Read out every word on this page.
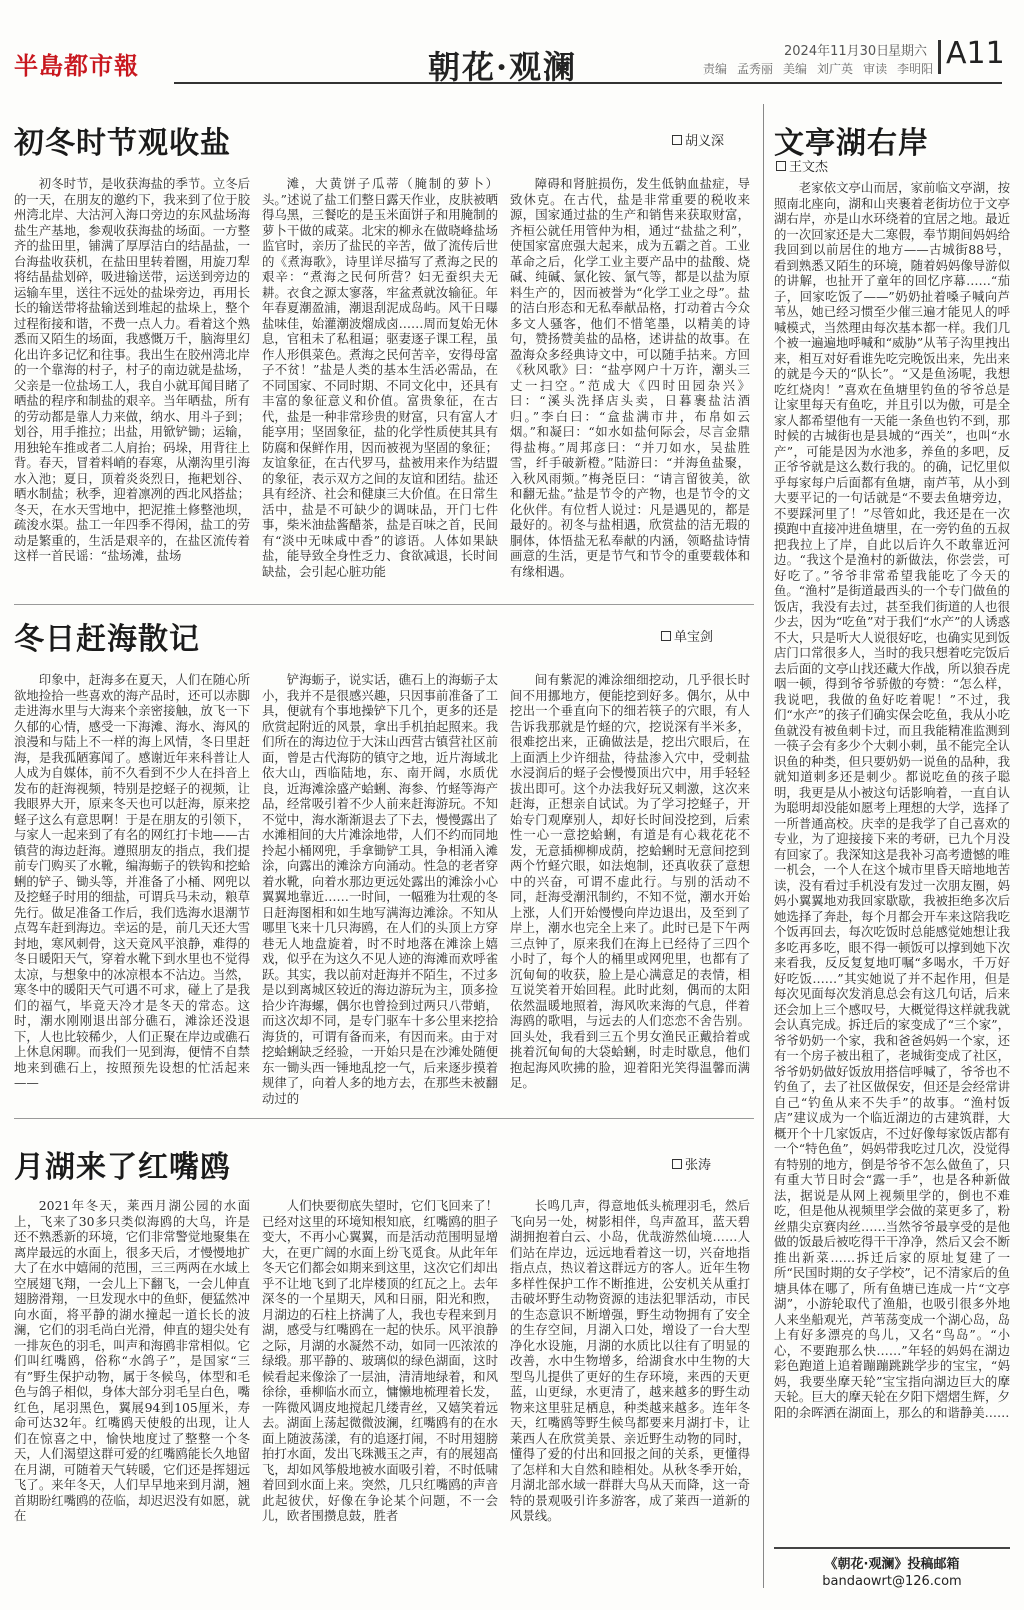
半島都市報	朝花·观澜	2024年11月30日
星期六
责编 孟秀丽 美编 刘广英 审读 李明阳 A11
初冬时节观收盐	胡义深

初冬时节，是收获海盐的季节。立冬后的一天，在朋友的邀约下，我来到了位于胶州湾北岸、大沽河入海口旁边的东风盐场海盐生产基地，参观收获海盐的场面。一方整齐的盐田里，铺满了厚厚洁白的结晶盐，一台海盐收获机，在盐田里转着圈，用旋刀犁将结晶盐划碎，吸进输送带，运送到旁边的运输车里，送往不远处的盐垛旁边，再用长长的输送带将盐输送到堆起的盐垛上，整个过程衔接和谐，不费一点人力。看着这个熟悉而又陌生的场面，我感慨万千，脑海里幻化出许多记忆和往事。我出生在胶州湾北岸的一个靠海的村子，村子的南边就是盐场，父亲是一位盐场工人，我自小就耳闻目睹了晒盐的程序和制盐的艰辛。当年晒盐，所有的劳动都是靠人力来做，纳水、用斗子到；划谷，用手推拉；出盐，用锨铲锄；运输，用独轮车推或者二人肩抬；码垛，用背往上背。春天，冒着料峭的春寒，从潮沟里引海水入池；夏日，顶着炎炎烈日，拖耙划谷、晒水制盐；秋季，迎着凛冽的西北风搭盐；冬天，在水天雪地中，把泥推土修整池坝，疏浚水渠。盐工一年四季不得闲，盐工的劳动是繁重的，生活是艰辛的，在盐区流传着这样一首民谣：“盐场滩，盐场

滩，大黄饼子瓜蒂（腌制的萝卜）头。”述说了盐工们整日露天作业，皮肤被晒得乌黑，三餐吃的是玉米面饼子和用腌制的萝卜干做的咸菜。北宋的柳永在做晓峰盐场监官时，亲历了盐民的辛苦，做了流传后世的《煮海歌》，诗里详尽描写了煮海之民的艰辛：“煮海之民何所营？妇无蚕织夫无耕。衣食之源太寥落，牢盆煮就汝输征。年年春夏潮盈浦，潮退刮泥成岛屿。风干日曝盐味佳，始灌潮波熘成卤……周而复始无休息，官租未了私租逼；驱妻逐子课工程，虽作人形俱菜色。煮海之民何苦辛，安得母富子不贫！”盐是人类的基本生活必需品，在不同国家、不同时期、不同文化中，还具有丰富的象征意义和价值。富贵象征，在古代，盐是一种非常珍贵的财富，只有富人才能享用；坚固象征，盐的化学性质使其具有防腐和保鲜作用，因而被视为坚固的象征；友谊象征，在古代罗马，盐被用来作为结盟的象征，表示双方之间的友谊和团结。盐还具有经济、社会和健康三大价值。在日常生活中，盐是不可缺少的调味品，开门七件事，柴米油盐酱醋茶，盐是百味之首，民间有“淡中无味咸中香”的谚语。人体如果缺盐，能导致全身性乏力、食欲减退，长时间缺盐，会引起心脏功能

障碍和肾脏损伤，发生低钠血盐症，导致休克。在古代，盐是非常重要的税收来源，国家通过盐的生产和销售来获取财富，齐桓公就任用管仲为相，通过“盐盐之利”，使国家富庶强大起来，成为五霸之首。工业革命之后，化学工业主要产品中的盐酸、烧碱、纯碱、氯化铵、氯气等，都是以盐为原料生产的，因而被誉为“化学工业之母”。盐的洁白形态和无私奉献品格，打动着古今众多文人骚客，他们不惜笔墨，以精美的诗句，赞扬赞美盐的品格，述讲盐的故事。在盈海众多经典诗文中，可以随手拈来。方回《秋风歌》曰：“盐亭网户十万许，潮头三丈一扫空。”范成大《四时田园杂兴》曰：“溪头洗择店头卖，日暮裹盐沽酒归。”李白曰：“盒盐满市井，布帛如云烟。”和凝曰：“如水如盐何际会，尽言金鼎得盐梅。”周邦彦曰：“并刀如水，吴盐胜雪，纤手破新橙。”陆游曰：“并海鱼盐聚，入秋风雨频。”梅尧臣曰：“请言留彼美，欲和翻无盐。”盐是节令的产物，也是节令的文化伙伴。有位哲人说过：凡是遇见的，都是最好的。初冬与盐相遇，欣赏盐的洁无瑕的胴体，体悟盐无私奉献的内涵，领略盐诗情画意的生活，更是节气和节令的重要载体和有缘相遇。

冬日赶海散记	单宝剑

印象中，赶海多在夏天，人们在随心所欲地捡拾一些喜欢的海产品时，还可以赤脚走进海水里与大海来个亲密接触，放飞一下久郁的心情，感受一下海滩、海水、海风的浪漫和与陆上不一样的海上风情，冬日里赶海，是我孤陋寡闻了。感谢近年来科普让人人成为自媒体，前不久看到不少人在抖音上发布的赶海视频，特别是挖蛏子的视频，让我眼界大开，原来冬天也可以赶海，原来挖蛏子这么有意思啊！于是在朋友的引领下，与家人一起来到了有名的网红打卡地——古镇营的海边赶海。遵照朋友的指点，我们提前专门购买了水靴，编海蛎子的铁钩和挖蛤蜊的铲子、锄头等，并准备了小桶、网兜以及挖蛏子时用的细盐，可谓兵马未动，粮草先行。做足准备工作后，我们选海水退潮节点驾车赶到海边。幸运的是，前几天还大雪封地，寒风刺骨，这天竟风平浪静，难得的冬日暖阳天气，穿着水靴下到水里也不觉得太凉，与想象中的冰凉根本不沾边。当然，寒冬中的暖阳天气可遇不可求，碰上了是我们的福气，毕竟天冷才是冬天的常态。这时，潮水刚刚退出部分礁石，滩涂还没退下，人也比较稀少，人们正聚在岸边或礁石上休息闲聊。而我们一见到海，便情不自禁地来到礁石上，按照预先设想的忙活起来——

铲海蛎子，说实话，礁石上的海蛎子太小，我并不是很感兴趣，只因事前准备了工具，便就有个事地操铲下几个，更多的还是欣赏起附近的风景，拿出手机拍起照来。我们所在的海边位于大沫山西营古镇营社区前面，曾是古代海防的镇守之地，近片海域北依大山，西临陆地，东、南开阔，水质优良，近海滩涂盛产蛤蜊、海参、竹蛏等海产品，经常吸引着不少人前来赶海游玩。不知不觉中，海水渐渐退去了下去，慢慢露出了水滩相间的大片滩涂地带，人们不约而同地拎起小桶网兜，手拿锄铲工具，争相涌入滩涂，向露出的滩涂方向涌动。性急的老者穿着水靴，向着水那边更远处露出的滩涂小心翼翼地靠近……一时间，一幅雅为壮观的冬日赶海图相和如生地写满海边滩涂。不知从哪里飞来十几只海鸥，在人们的头顶上方穿巷无人地盘旋着，时不时地落在滩涂上嬉戏，似乎在为这久不见人迹的海滩而欢呼雀跃。其实，我以前对赶海并不陌生，不过多是以到离城区较近的海边游玩为主，顶多捡拾少许海螺，偶尔也曾捡到过两只八带蛸，而这次却不同，是专门驱车十多公里来挖拾海货的，可谓有备而来，有因而来。由于对挖蛤蜊缺乏经验，一开始只是在沙滩处随便东一锄头西一锤地乱挖一气，后来逐步摸着规律了，向着人多的地方去，在那些未被翻动过的

间有紫泥的滩涂细细挖动，几乎很长时间不用挪地方，便能挖到好多。偶尔，从中挖出一个垂直向下的细若筷子的穴眼，有人告诉我那就是竹蛏的穴，挖说深有半米多，很难挖出来，正确做法是，挖出穴眼后，在上面洒上少许细盐，待盐渗入穴中，受刺盐水浸润后的蛏子会慢慢顶出穴中，用手轻轻拔出即可。这个办法我好玩又刺激，这次来赶海，正想亲自试试。为了学习挖蛏子，开始专门观摩别人，却好长时间没挖到，后索性一心一意挖蛤蜊，有道是有心栽花花不发，无意插柳柳成荫，挖蛤蜊时无意间挖到两个竹蛏穴眼，如法炮制，还真收获了意想中的兴奋，可谓不虚此行。与别的活动不同，赶海受潮汛制约，不知不觉，潮水开始上涨，人们开始慢慢向岸边退出，及至到了岸上，潮水也完全上来了。此时已是下午两三点钟了，原来我们在海上已经待了三四个小时了，每个人的桶里或网兜里，也都有了沉甸甸的收获，脸上是心满意足的表情，相互说笑着开始回程。此时此刻，偶而的太阳依然温暖地照着，海风吹来海的气息，伴着海鸥的歌唱，与远去的人们恋恋不舍告别。回头处，我看到三五个男女渔民正戴拾着或挑着沉甸甸的大袋蛤蜊，时走时歇息，他们抱起海风吹拂的脸，迎着阳光笑得温馨而满足。

月湖来了红嘴鸥	张涛

2021年冬天，莱西月湖公园的水面上，飞来了30多只类似海鸥的大鸟，许是还不熟悉新的环境，它们非常警觉地聚集在离岸最远的水面上，很多天后，才慢慢地扩大了在水中嬉闹的范围，三三两两在水域上空展翅飞翔，一会儿上下翻飞，一会儿伸直翅膀滑翔，一旦发现水中的鱼虾，便猛然冲向水面，将平静的湖水撞起一道长长的波澜，它们的羽毛尚白光滑，伸直的翅尖处有一排灰色的羽毛，叫声和海鸥非常相似。它们叫红嘴鸥，俗称“水鸽子”，是国家“三有”野生保护动物，属于冬候鸟，体型和毛色与鸽子相似，身体大部分羽毛呈白色，嘴红色，尾羽黑色，翼展94到105厘米，寿命可达32年。红嘴鸥天使般的出现，让人们在惊喜之中，愉快地度过了整整一个冬天，人们渴望这群可爱的红嘴鸥能长久地留在月湖，可随着天气转暖，它们还是挥翅远飞了。来年冬天，人们早早地来到月湖，翘首期盼红嘴鸥的莅临，却迟迟没有如愿，就在

人们快要彻底失望时，它们飞回来了！已经对这里的环境知根知底，红嘴鸥的胆子变大，不再小心翼翼，而是活动范围明显增大，在更广阔的水面上纷飞觅食。从此年年冬天它们都会如期来到这里，这次它们却出乎不让地飞到了北岸楼顶的红瓦之上。去年深冬的一个星期天，风和日丽，阳光和煦，月湖边的石柱上挤满了人，我也专程来到月湖，感受与红嘴鸥在一起的快乐。风平浪静之际，月湖的水凝然不动，如同一匹浓浓的绿缎。那平静的、玻璃似的绿色湖面，这时候看起来像涂了一层油，清清地绿着，和风徐徐，垂柳临水而立，慵懒地梳理着长发，一阵微风调皮地搅起几缕青丝，又嬉笑着远去。湖面上荡起微微波澜，红嘴鸥有的在水面上随波荡漾，有的追逐打闹，不时用翅膀拍打水面，发出飞珠溅玉之声，有的展翅高飞，却如风筝般地被水面吸引着，不时低啸着回到水面上来。突然，几只红嘴鸥的声音此起彼伏，好像在争论某个问题，不一会儿，欧者围攒息鼓，胜者

长鸣几声，得意地低头梳理羽毛，然后飞向另一处，树影相伴，鸟声盈耳，蓝天碧湖拥抱着白云、小岛，优哉游然仙境……人们站在岸边，远远地看着这一切，兴奋地指指点点，热议着这群远方的客人。近年生物多样性保护工作不断推进，公安机关从重打击破坏野生动物资源的违法犯罪活动，市民的生态意识不断增强，野生动物拥有了安全的生存空间，月湖入口处，增设了一台大型净化水设施，月湖的水质比以往有了明显的改善，水中生物增多，给湖食水中生物的大型鸟儿提供了更好的生存环境，来西的天更蓝，山更绿，水更清了，越来越多的野生动物来这里驻足栖息，种类越来越多。连年冬天，红嘴鸥等野生候鸟都要来月湖打卡，让莱西人在欣赏美景、亲近野生动物的同时，懂得了爱的付出和回报之间的关系，更懂得了怎样和大自然和睦相处。从秋冬季开始，月湖北部水域一群群大鸟从天而降，这一奇特的景观吸引许多游客，成了莱西一道新的风景线。

文亭湖右岸
王文杰

老家依文亭山而居，家前临文亭湖，按照南北座向，湖和山夹裹着老街坊位于文亭湖右岸，亦是山水环绕着的宜居之地。最近的一次回家还是大二寒假，奉节期间妈妈给我回到以前居住的地方——古城街88号，看到熟悉又陌生的环境，随着妈妈像导游似的讲解，也扯开了童年的回忆序幕……“茄子，回家吃饭了——”奶奶扯着嗓子喊向芦苇丛，她已经习惯至少催三遍才能见人的呼喊模式，当然理由每次基本都一样。我们几个被一遍遍地呼喊和“威胁”从苇子沟里拽出来，相互对好看谁先吃完晚饭出来，先出来的就是今天的“队长”。“又是鱼汤呢，我想吃红烧肉！”喜欢在鱼塘里钓鱼的爷爷总是让家里每天有鱼吃，并且引以为傲，可是全家人都希望他有一天能一条鱼也钓不到，那时候的古城街也是县城的“西关”，也叫“水产”，可能是因为水池多，养鱼的多吧，反正爷爷就是这么数行我的。的确，记忆里似乎每家每户后面都有鱼塘，南芦苇，从小到大要平记的一句话就是“不要去鱼塘旁边，不要踩河里了！”尽管如此，我还是在一次摸跑中直接冲进鱼塘里，在一旁钓鱼的五叔把我拉上了岸，自此以后许久不敢靠近河边。“我这个是渔村的新做法，你尝尝，可好吃了。”爷爷非常希望我能吃了今天的鱼。“渔村”是街道最西头的一个专门做鱼的饭店，我没有去过，甚至我们街道的人也很少去，因为“吃鱼”对于我们“水产”的人诱惑不大，只是听大人说很好吃，也确实见到饭店门口常很多人，当时的我只想着吃完饭后去后面的文亭山找还藏大作战，所以狼吞虎咽一顿，得到爷爷骄傲的夸赞：“怎么样，我说吧，我做的鱼好吃着呢！”不过，我们“水产”的孩子们确实保会吃鱼，我从小吃鱼就没有被鱼刺卡过，而且我能精准监测到一筷子会有多少个大刺小刺，虽不能完全认识鱼的种类，但只要奶奶一说鱼的品种，我就知道刺多还是刺少。都说吃鱼的孩子聪明，我更是从小被这句话影响着，一直自认为聪明却没能如愿考上理想的大学，选择了一所普通高校。庆幸的是我学了自己喜欢的专业，为了迎接接下来的考研，已九个月没有回家了。我深知这是我补习高考遗憾的唯一机会，一个人在这个城市里昏天暗地地苦读，没有看过手机没有发过一次朋友圈，妈妈小翼翼地劝我回家歇歇，我被拒绝多次后她选择了奔赴，每个月都会开车来这陪我吃个饭再回去，每次吃饭时总能感觉她想让我多吃再多吃，眼不得一顿饭可以撑到她下次来看我，反反复复地叮嘱“多喝水，千万好好吃饭……”其实她说了并不起作用，但是每次见面每次发消息总会有这几句话，后来还会加上三个感叹号，大概觉得这样就我就会认真完成。拆迁后的家变成了“三个家”，爷爷奶奶一个家，我和爸爸妈妈一个家，还有一个房子被出租了，老城街变成了社区，爷爷奶奶做好饭放用搭信呼喊了，爷爷也不钓鱼了，去了社区做保安，但还是会经常讲自己“钓鱼从来不失手”的故事。“渔村饭店”建议成为一个临近湖边的古建筑群，大概开个十几家饭店，不过好像每家饭店都有一个“特色鱼”，妈妈带我吃过几次，没觉得有特别的地方，倒是爷爷不怎么做鱼了，只有重大节日时会“露一手”，也是各种新做法，据说是从网上视频里学的，倒也不难吃，但是他从视频里学会做的菜更多了，粉丝鼎尖京赛肉丝……当然爷爷最享受的是他做的饭最后被吃得干干净净，然后又会不断推出新菜……拆迁后家的原址复建了一所“民国时期的女子学校”，记不清家后的鱼塘具体在哪了，所有鱼塘已连成一片“文亭湖”，小游轮取代了渔船，也吸引很多外地人来坐船观光，芦苇荡变成一个湖心岛，岛上有好多漂亮的鸟儿，又名“鸟岛”。“小心，不要跑那么快……”年轻的妈妈在湖边彩色跑道上追着蹦蹦跳跳学步的宝宝，“妈妈，我要坐摩天轮”宝宝指向湖边巨大的摩天轮。巨大的摩天轮在夕阳下熠熠生辉，夕阳的余晖洒在湖面上，那么的和谐静美……

《朝花·观澜》投稿邮箱
bandaowrt@126.com
